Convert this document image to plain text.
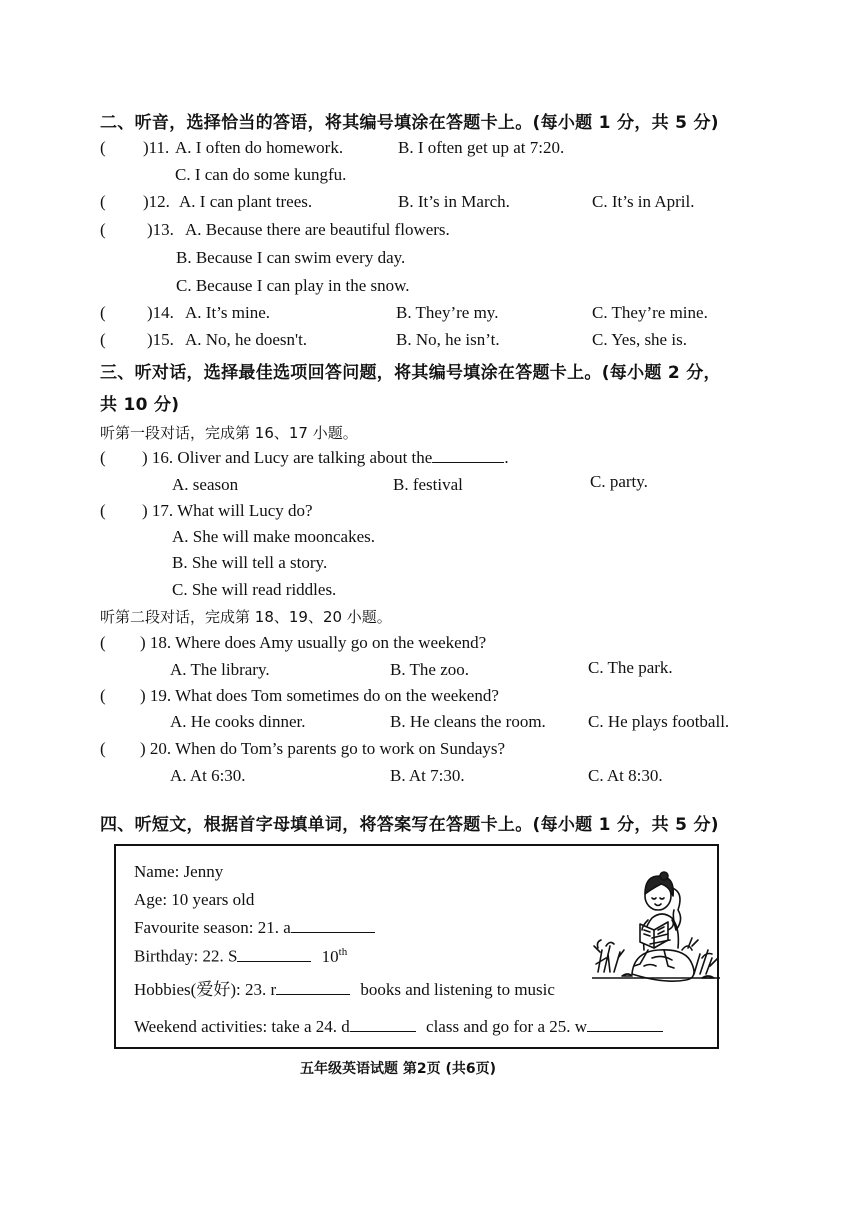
二、听音，选择恰当的答语，将其编号填涂在答题卡上。(每小题 1 分，共 5 分)
( )11. A. I often do homework.	B. I often get up at 7:20.
C. I can do some kungfu.
( )12. A. I can plant trees.	B. It’s in March.	C. It’s in April.
( )13. A. Because there are beautiful flowers.
B. Because I can swim every day.
C. Because I can play in the snow.
( )14. A. It’s mine.	B. They’re my.	C. They’re mine.
( )15. A. No, he doesn't.	B. No, he isn’t.	C. Yes, she is.
三、听对话，选择最佳选项回答问题，将其编号填涂在答题卡上。(每小题 2 分，
共 10 分)
听第一段对话，完成第 16、17 小题。
( ) 16. Oliver and Lucy are talking about the	.
A. season	B. festival	C. party.
( ) 17. What will Lucy do?
A. She will make mooncakes.
B. She will tell a story.
C. She will read riddles.
听第二段对话，完成第 18、19、20 小题。
( ) 18. Where does Amy usually go on the weekend?
A. The library.	B. The zoo.	C. The park.
( ) 19. What does Tom sometimes do on the weekend?
A. He cooks dinner.	B. He cleans the room. C. He plays football.
( ) 20. When do Tom’s parents go to work on Sundays?
A. At 6:30.	B. At 7:30.	C. At 8:30.
四、听短文，根据首字母填单词，将答案写在答题卡上。(每小题 1 分，共 5 分)
Name: Jenny
Age: 10 years old
Favourite season: 21. a
Birthday: 22. S	10th
Hobbies(爱好): 23. r	books and listening to music
Weekend activities: take a 24. d	class and go for a 25. w
五年级英语试题 第2页 (共6页)
